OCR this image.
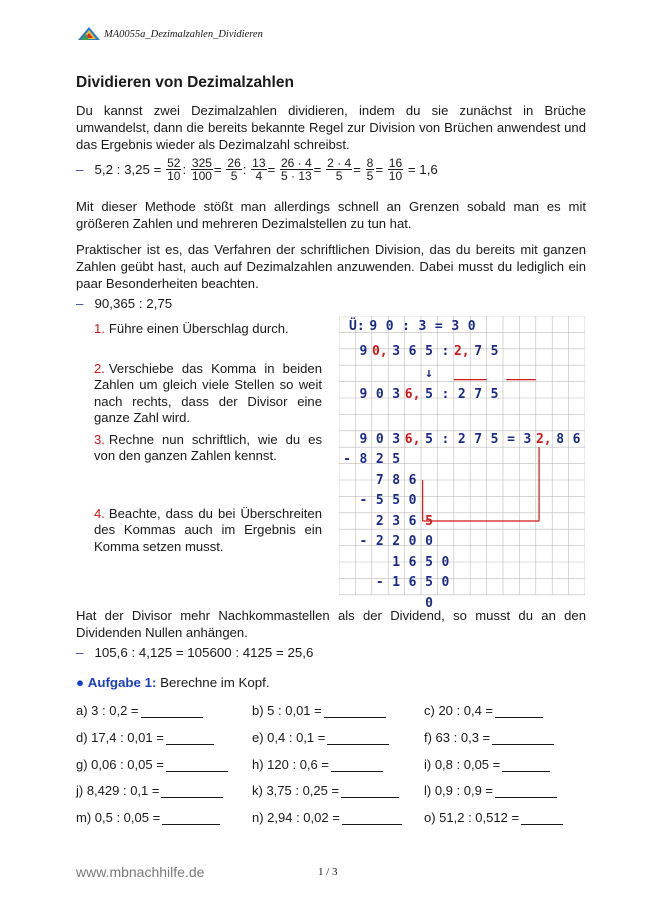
MA0055a_Dezimalzahlen_Dividieren
Dividieren von Dezimalzahlen
Du kannst zwei Dezimalzahlen dividieren, indem du sie zunächst in Brüche umwandelst, dann die bereits bekannte Regel zur Division von Brüchen anwendest und das Ergebnis wieder als Dezimalzahl schreibst.
– 5,2 : $3,25 = \frac{52}{10}$ : $\frac{325}{100} = \frac{26}{5}$ : $\frac{13}{4} = \frac{26 \cdot 4}{5 \cdot 13} = \frac{2 \cdot 4}{5} = \frac{8}{5} = \frac{16}{10} = 1,6$
Mit dieser Methode stößt man allerdings schnell an Grenzen sobald man es mit größeren Zahlen und mehreren Dezimalstellen zu tun hat.
Praktischer ist es, das Verfahren der schriftlichen Division, das du bereits mit ganzen Zahlen geübt hast, auch auf Dezimalzahlen anzuwenden. Dabei musst du lediglich ein paar Besonderheiten beachten.
– 90,365 : 2,75
1. Führe einen Überschlag durch.
2. Verschiebe das Komma in beiden Zahlen um gleich viele Stellen so weit nach rechts, dass der Divisor eine ganze Zahl wird.
3. Rechne nun schriftlich, wie du es von den ganzen Zahlen kennst.
4. Beachte, dass du bei Überschreiten des Kommas auch im Ergebnis ein Komma setzen musst.
Ü: 9 0 : 3 = 3 0
9 0, 3 6 5 : 2, 7 5
↓
9 0 3 6, 5 : 2 7 5
9 0 3 6, 5 : 2 7 5 = 3 2, 8 6
- 8 2 5
7 8 6
- 5 5 0
2 3 6 5
- 2 2 0 0
1 6 5 0
- 1 6 5 0
0
Hat der Divisor mehr Nachkommastellen als der Dividend, so musst du an den Dividenden Nullen anhängen.
– 105,6 : 4,125 = 105600 : 4125 = 25,6
● Aufgabe 1: Berechne im Kopf.
a) 3 : 0,2 =	b) 5 : 0,01 =	c) 20 : 0,4 =
d) 17,4 : 0,01 =	e) 0,4 : 0,1 =	f) 63 : 0,3 =
g) 0,06 : 0,05 =	h) 120 : 0,6 =	i) 0,8 : 0,05 =
j) 8,429 : 0,1 =	k) 3,75 : 0,25 =	l) 0,9 : 0,9 =
m) 0,5 : 0,05 =	n) 2,94 : 0,02 =	o) 51,2 : 0,512 =
www.mbnachhilfe.de	1 / 3
